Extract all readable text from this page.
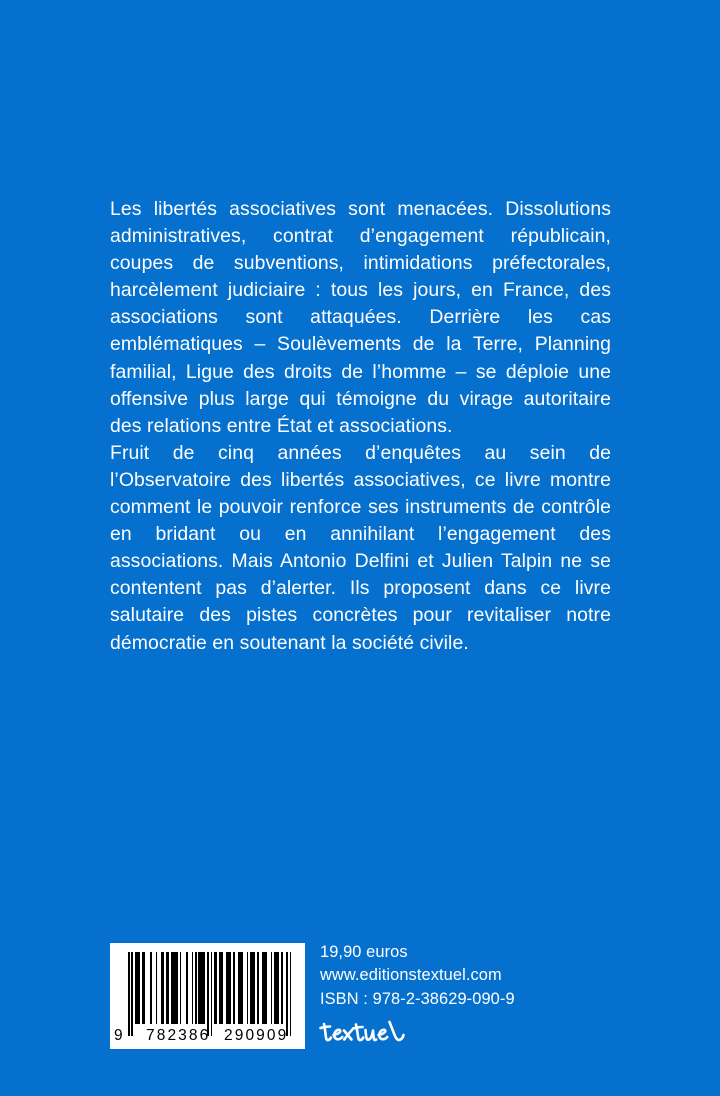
Les libertés associatives sont menacées. Dissolutions administratives, contrat d’engagement républicain, coupes de subventions, intimidations préfectorales, harcèlement judiciaire : tous les jours, en France, des associations sont attaquées. Derrière les cas emblématiques – Soulèvements de la Terre, Planning familial, Ligue des droits de l’homme – se déploie une offensive plus large qui témoigne du virage autoritaire des relations entre État et associations.

Fruit de cinq années d’enquêtes au sein de l’Observatoire des libertés associatives, ce livre montre comment le pouvoir renforce ses instruments de contrôle en bridant ou en annihilant l’engagement des associations. Mais Antonio Delfini et Julien Talpin ne se contentent pas d’alerter. Ils proposent dans ce livre salutaire des pistes concrètes pour revitaliser notre démocratie en soutenant la société civile.

9 782386 290909
19,90 euros
www.editionstextuel.com
ISBN : 978-2-38629-090-9
